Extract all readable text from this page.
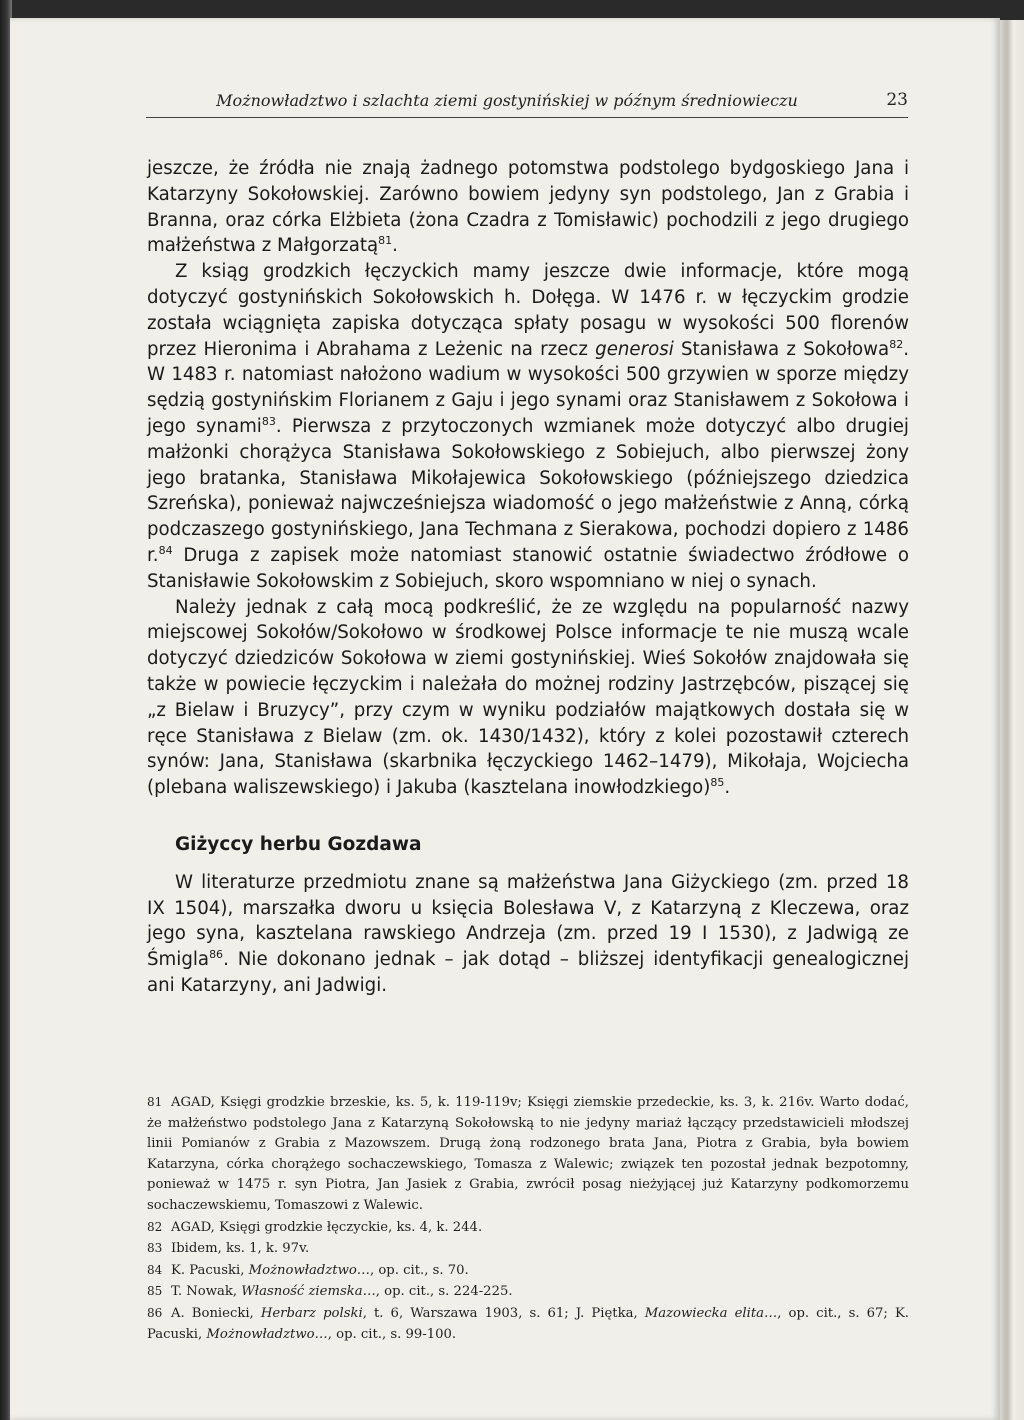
Możnowładztwo i szlachta ziemi gostynińskiej w późnym średniowieczu	23

jeszcze, że źródła nie znają żadnego potomstwa podstolego bydgoskiego Jana i Katarzyny Sokołowskiej. Zarówno bowiem jedyny syn podstolego, Jan z Grabia i Branna, oraz córka Elżbieta (żona Czadra z Tomisławic) pochodzili z jego drugiego małżeństwa z Małgorzatą$^{81}$.

Z ksiąg grodzkich łęczyckich mamy jeszcze dwie informacje, które mogą dotyczyć gostynińskich Sokołowskich h. Dołęga. W 1476 r. w łęczyckim grodzie została wciągnięta zapiska dotycząca spłaty posagu w wysokości 500 florenów przez Hieronima i Abrahama z Leżenic na rzecz generosi Stanisława z Sokołowa$^{82}$. W 1483 r. natomiast nałożono wadium w wysokości 500 grzywien w sporze między sędzią gostynińskim Florianem z Gaju i jego synami oraz Stanisławem z Sokołowa i jego synami$^{83}$. Pierwsza z przytoczonych wzmianek może dotyczyć albo drugiej małżonki chorążyca Stanisława Sokołowskiego z Sobiejuch, albo pierwszej żony jego bratanka, Stanisława Mikołajewica Sokołowskiego (późniejszego dziedzica Szreńska), ponieważ najwcześniejsza wiadomość o jego małżeństwie z Anną, córką podczaszego gostynińskiego, Jana Techmana z Sierakowa, pochodzi dopiero z 1486 r.$^{84}$ Druga z zapisek może natomiast stanowić ostatnie świadectwo źródłowe o Stanisławie Sokołowskim z Sobiejuch, skoro wspomniano w niej o synach.

Należy jednak z całą mocą podkreślić, że ze względu na popularność nazwy miejscowej Sokołów/Sokołowo w środkowej Polsce informacje te nie muszą wcale dotyczyć dziedziców Sokołowa w ziemi gostynińskiej. Wieś Sokołów znajdowała się także w powiecie łęczyckim i należała do możnej rodziny Jastrzębców, piszącej się „z Bielaw i Bruzycy”, przy czym w wyniku podziałów majątkowych dostała się w ręce Stanisława z Bielaw (zm. ok. 1430/1432), który z kolei pozostawił czterech synów: Jana, Stanisława (skarbnika łęczyckiego 1462–1479), Mikołaja, Wojciecha (plebana waliszewskiego) i Jakuba (kasztelana inowłodzkiego)$^{85}$.

Giżyccy herbu Gozdawa

W literaturze przedmiotu znane są małżeństwa Jana Giżyckiego (zm. przed 18 IX 1504), marszałka dworu u księcia Bolesława V, z Katarzyną z Kleczewa, oraz jego syna, kasztelana rawskiego Andrzeja (zm. przed 19 I 1530), z Jadwigą ze Śmigla$^{86}$. Nie dokonano jednak – jak dotąd – bliższej identyfikacji genealogicznej ani Katarzyny, ani Jadwigi.

81 AGAD, Księgi grodzkie brzeskie, ks. 5, k. 119-119v; Księgi ziemskie przedeckie, ks. 3, k. 216v. Warto dodać, że małżeństwo podstolego Jana z Katarzyną Sokołowską to nie jedyny mariaż łączący przedstawicieli młodszej linii Pomianów z Grabia z Mazowszem. Drugą żoną rodzonego brata Jana, Piotra z Grabia, była bowiem Katarzyna, córka chorążego sochaczewskiego, Tomasza z Walewic; związek ten pozostał jednak bezpotomny, ponieważ w 1475 r. syn Piotra, Jan Jasiek z Grabia, zwrócił posag nieżyjącej już Katarzyny podkomorzemu sochaczewskiemu, Tomaszowi z Walewic.

82 AGAD, Księgi grodzkie łęczyckie, ks. 4, k. 244.

83 Ibidem, ks. 1, k. 97v.

84 K. Pacuski, Możnowładztwo…, op. cit., s. 70.

85 T. Nowak, Własność ziemska…, op. cit., s. 224-225.

86 A. Boniecki, Herbarz polski, t. 6, Warszawa 1903, s. 61; J. Piętka, Mazowiecka elita…, op. cit., s. 67; K. Pacuski, Możnowładztwo…, op. cit., s. 99-100.
